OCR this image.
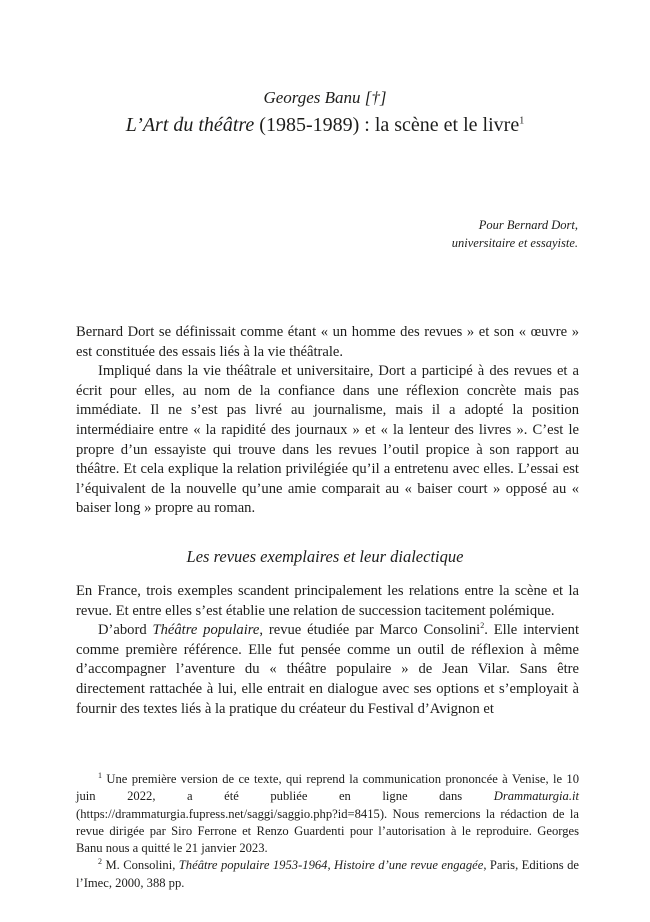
Georges Banu [†]
L’Art du théâtre (1985-1989) : la scène et le livre$^1$
Pour Bernard Dort,
universitaire et essayiste.

Bernard Dort se définissait comme étant « un homme des revues » et son « œuvre » est constituée des essais liés à la vie théâtrale.

Impliqué dans la vie théâtrale et universitaire, Dort a participé à des revues et a écrit pour elles, au nom de la confiance dans une réflexion concrète mais pas immédiate. Il ne s’est pas livré au journalisme, mais il a adopté la position intermédiaire entre « la rapidité des journaux » et « la lenteur des livres ». C’est le propre d’un essayiste qui trouve dans les revues l’outil propice à son rapport au théâtre. Et cela explique la relation privilégiée qu’il a entretenu avec elles. L’essai est l’équivalent de la nouvelle qu’une amie comparait au « baiser court » opposé au « baiser long » propre au roman.

Les revues exemplaires et leur dialectique

En France, trois exemples scandent principalement les relations entre la scène et la revue. Et entre elles s’est établie une relation de succession tacitement polémique.

D’abord Théâtre populaire, revue étudiée par Marco Consolini$^2$. Elle intervient comme première référence. Elle fut pensée comme un outil de réflexion à même d’accompagner l’aventure du « théâtre populaire » de Jean Vilar. Sans être directement rattachée à lui, elle entrait en dialogue avec ses options et s’employait à fournir des textes liés à la pratique du créateur du Festival d’Avignon et

$^1$ Une première version de ce texte, qui reprend la communication prononcée à Venise, le 10 juin 2022, a été publiée en ligne dans Drammaturgia.it (https://drammaturgia.fupress.net/saggi/saggio.php?id=8415). Nous remercions la rédaction de la revue dirigée par Siro Ferrone et Renzo Guardenti pour l’autorisation à le reproduire. Georges Banu nous a quitté le 21 janvier 2023.

$^2$ M. Consolini, Théâtre populaire 1953-1964, Histoire d’une revue engagée, Paris, Editions de l’Imec, 2000, 388 pp.
